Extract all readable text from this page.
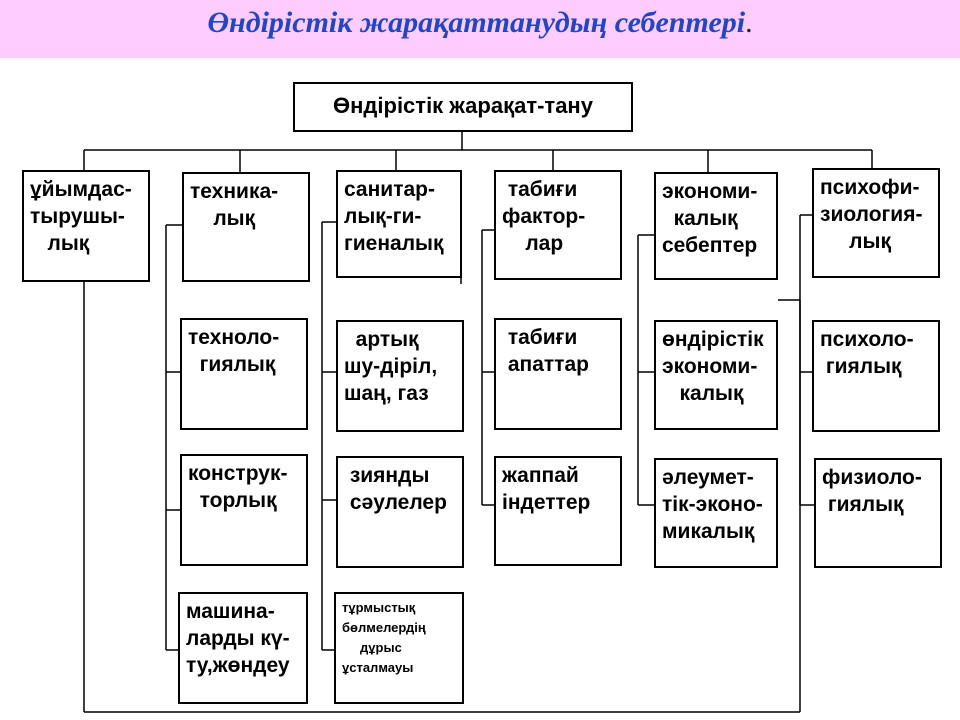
Өндірістік жарақаттанудың себептері.
Өндірістік жарақат-тану
ұйымдас-
тырушы-
лық
техника-
лық
техноло-
гиялық
конструк-
торлық
машина-
ларды кү-
ту,жөндеу
санитар-
лық-ги-
гиеналық
артық
шу-діріл,
шаң, газ
зиянды
сәулелер
тұрмыстық
бөлмелердің
дұрыс
ұсталмауы
табиғи
фактор-
лар
табиғи
апаттар
жаппай
індеттер
экономи-
калық
себептер
өндірістік
экономи-
калық
әлеумет-
тік-эконо-
микалық
психофи-
зиология-
лық
психоло-
гиялық
физиоло-
гиялық
